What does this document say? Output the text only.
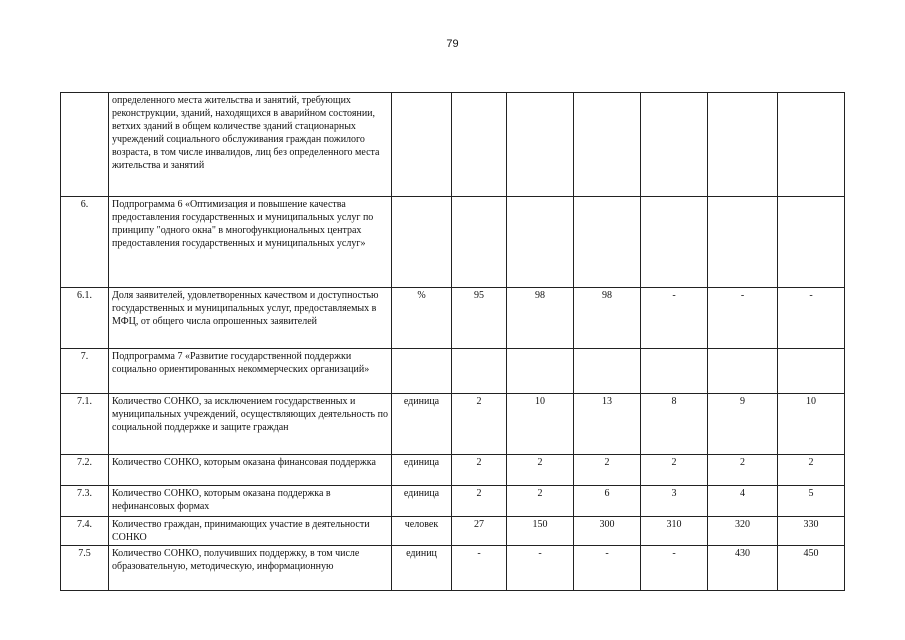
79
	определенного места жительства и занятий, требующих реконструкции, зданий, находящихся в аварийном состоянии, ветхих зданий в общем количестве зданий стационарных учреждений социального обслуживания граждан пожилого возраста, в том числе инвалидов, лиц без определенного места жительства и занятий							
6.	Подпрограмма 6 «Оптимизация и повышение качества предоставления государственных и муниципальных услуг по принципу "одного окна" в многофункциональных центрах предоставления государственных и муниципальных услуг»							
6.1.	Доля заявителей, удовлетворенных качеством и доступностью государственных и муниципальных услуг, предоставляемых в МФЦ, от общего числа опрошенных заявителей	%	95	98	98	-	-	-
7.	Подпрограмма 7 «Развитие государственной поддержки социально ориентированных некоммерческих организаций»							
7.1.	Количество СОНКО, за исключением государственных и муниципальных учреждений, осуществляющих деятельность по социальной поддержке и защите граждан	единица	2	10	13	8	9	10
7.2.	Количество СОНКО, которым оказана финансовая поддержка	единица	2	2	2	2	2	2
7.3.	Количество СОНКО, которым оказана поддержка в нефинансовых формах	единица	2	2	6	3	4	5
7.4.	Количество граждан, принимающих участие в деятельности СОНКО	человек	27	150	300	310	320	330
7.5	Количество СОНКО, получивших поддержку, в том числе образовательную, методическую, информационную	единиц	-	-	-	-	430	450
